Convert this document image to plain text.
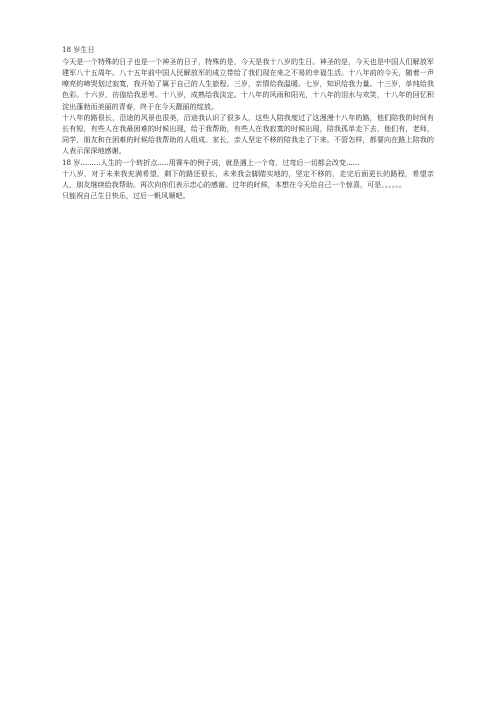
18 岁生日

今天是一个特殊的日子也是一个神圣的日子，特殊的是，今天是我十八岁的生日。神圣的是，今天也是中国人们解放军建军八十五周年。八十五年前中国人民解放军的成立带给了我们现在来之不易的幸福生活。十八年前的今天，随着一声嘹亮的啼哭划过寂寞，我开始了属于自己的人生旅程。三岁，亲情给我温暖。七岁，知识给我力量。十三岁，单纯给我色彩。十六岁，彷徨给我思考。十八岁，成熟给我淡定。十八年的风雨和阳光，十八年的泪水与欢笑，十八年的回忆积淀出蓬勃而美丽的青春，终于在今天靓丽的绽放。

十八年的路很长，沿途的风景也很美，沿途我认识了很多人，这些人陪我度过了这漫漫十八年的路，他们陪我的时间有长有短，有些人在我最困难的时候出现，给于我帮助，有些人在我寂寞的时候出现，陪我孤单走下去，他们有，老师，同学，朋友和在困难的时候给我帮助的人组成。家长，亲人坚定不移的陪我走了下来。不管怎样，都要向在路上陪我的人表示深深地感谢。

18 岁.........人生的一个转折点.....用赛车的例子说，就是遇上一个弯，过弯后一切都会改变......

十八岁，对于未来我充满希望，剩下的路还很长，未来我会脚踏实地的，坚定不移的，走完后面更长的路程，希望亲人，朋友继续给我帮助。再次向你们表示忠心的感谢。过年的时候，本想在今天给自己一个惊喜，可是。。。。。。

只能祝自己生日快乐，过后一帆风顺吧。
